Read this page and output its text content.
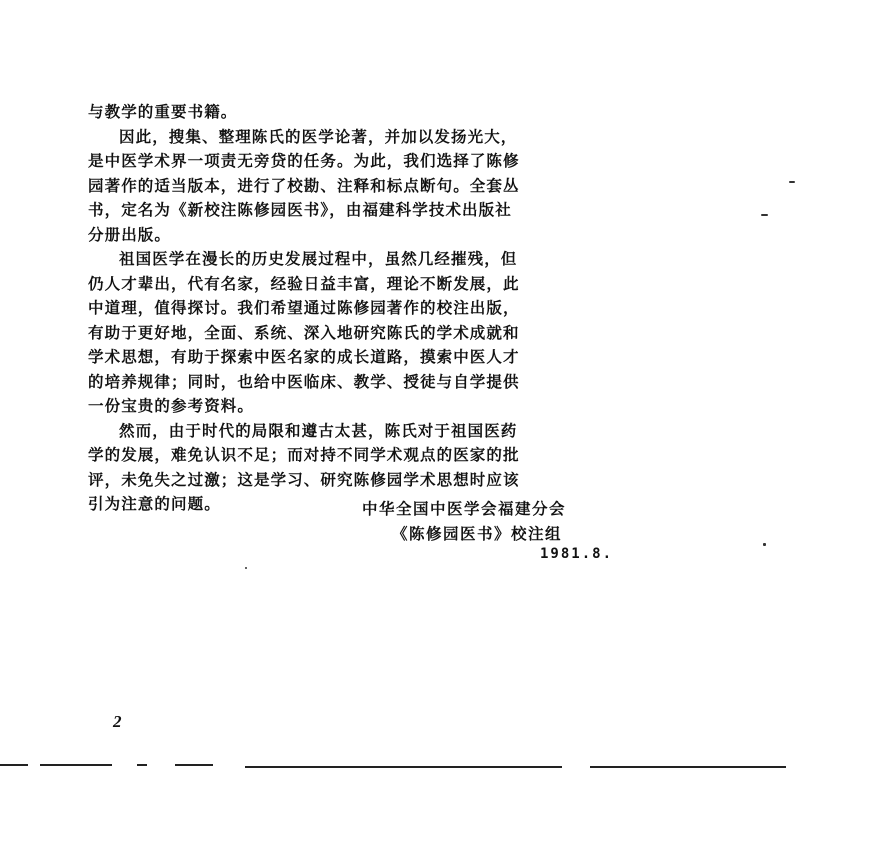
与教学的重要书籍。
因此，搜集、整理陈氏的医学论著，并加以发扬光大，
是中医学术界一项责无旁贷的任务。为此，我们选择了陈修
园著作的适当版本，进行了校勘、注释和标点断句。全套丛
书，定名为《新校注陈修园医书》，由福建科学技术出版社
分册出版。
祖国医学在漫长的历史发展过程中，虽然几经摧残，但
仍人才辈出，代有名家，经验日益丰富，理论不断发展，此
中道理，值得探讨。我们希望通过陈修园著作的校注出版，
有助于更好地，全面、系统、深入地研究陈氏的学术成就和
学术思想，有助于探索中医名家的成长道路，摸索中医人才
的培养规律；同时，也给中医临床、教学、授徒与自学提供
一份宝贵的参考资料。
然而，由于时代的局限和遵古太甚，陈氏对于祖国医药
学的发展，难免认识不足；而对持不同学术观点的医家的批
评，未免失之过激；这是学习、研究陈修园学术思想时应该
引为注意的问题。	中华全国中医学会福建分会
《陈修园医书》校注组
1981.8.
2
